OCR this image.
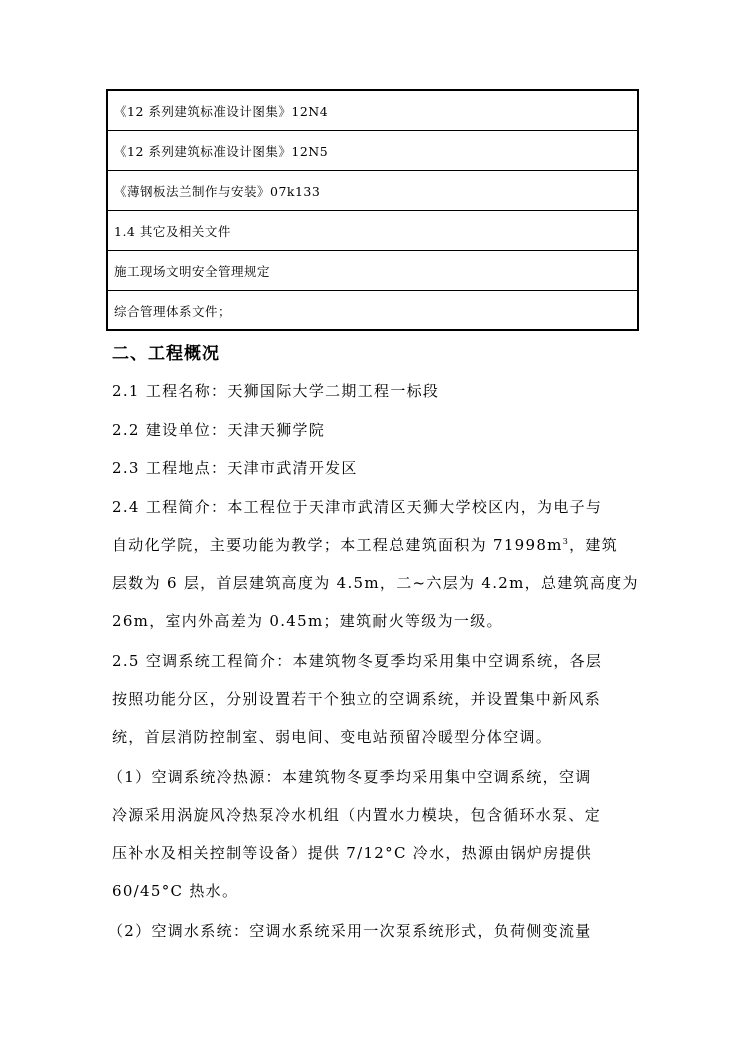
《12 系列建筑标准设计图集》12N4
《12 系列建筑标准设计图集》12N5
《薄钢板法兰制作与安装》07k133
1.4 其它及相关文件
施工现场文明安全管理规定
综合管理体系文件；
二、工程概况
2.1 工程名称：天狮国际大学二期工程一标段
2.2 建设单位：天津天狮学院
2.3 工程地点：天津市武清开发区
2.4 工程简介：本工程位于天津市武清区天狮大学校区内，为电子与
自动化学院，主要功能为教学；本工程总建筑面积为 $71998m^3$，建筑
层数为 6 层，首层建筑高度为 4.5m，二~六层为 4.2m，总建筑高度为
26m，室内外高差为 0.45m；建筑耐火等级为一级。
2.5 空调系统工程简介：本建筑物冬夏季均采用集中空调系统，各层
按照功能分区，分别设置若干个独立的空调系统，并设置集中新风系
统，首层消防控制室、弱电间、变电站预留冷暖型分体空调。
（1）空调系统冷热源：本建筑物冬夏季均采用集中空调系统，空调
冷源采用涡旋风冷热泵冷水机组（内置水力模块，包含循环水泵、定
压补水及相关控制等设备）提供 7/12°C 冷水，热源由锅炉房提供
60/45°C 热水。
（2）空调水系统：空调水系统采用一次泵系统形式，负荷侧变流量
